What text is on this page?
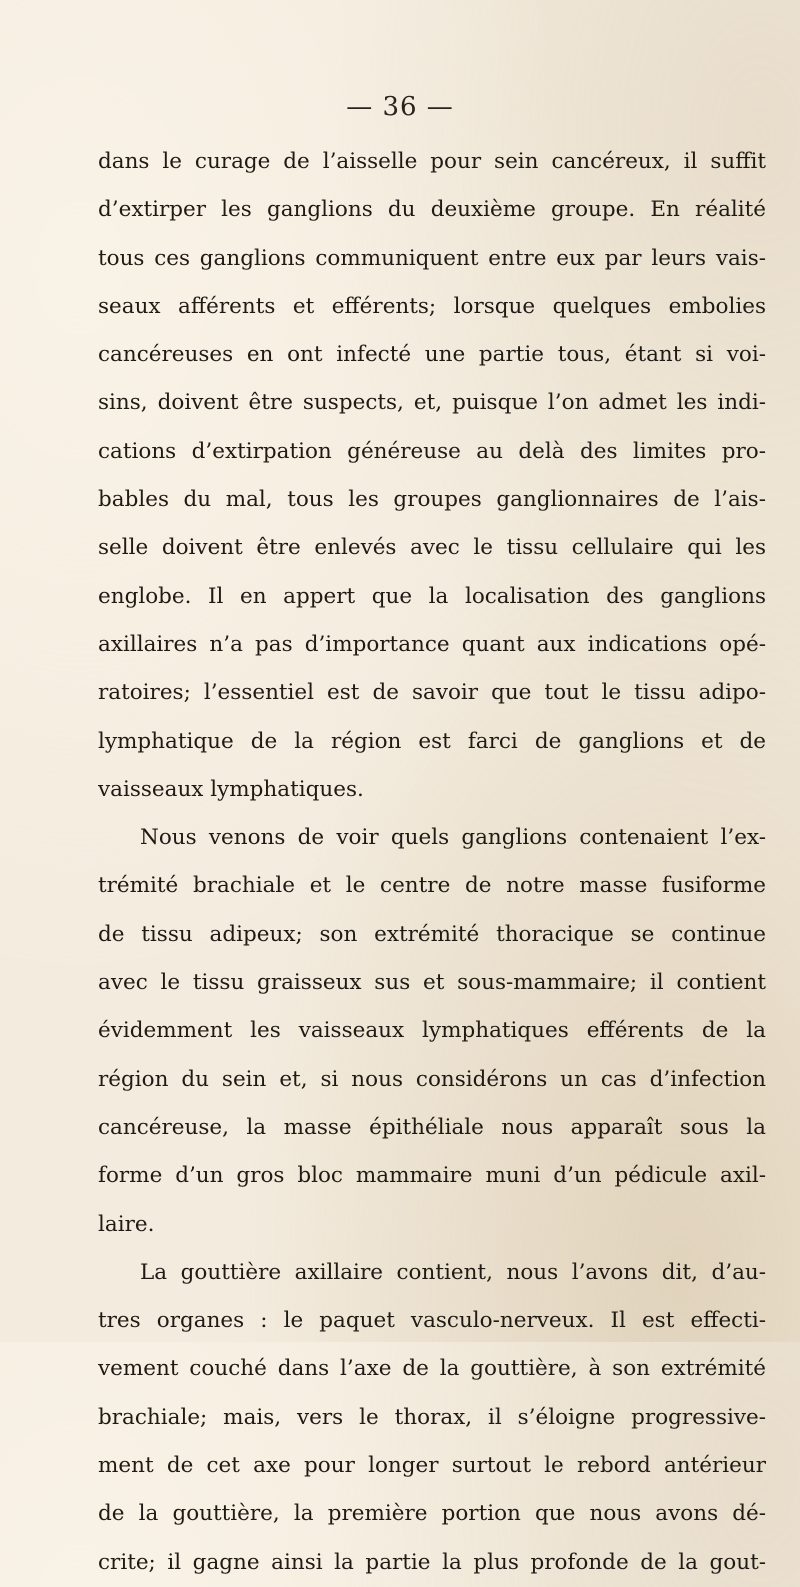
— 36 —
dans le curage de l’aisselle pour sein cancéreux, il suffit
d’extirper les ganglions du deuxième groupe. En réalité
tous ces ganglions communiquent entre eux par leurs vais-
seaux afférents et efférents; lorsque quelques embolies
cancéreuses en ont infecté une partie tous, étant si voi-
sins, doivent être suspects, et, puisque l’on admet les indi-
cations d’extirpation généreuse au delà des limites pro-
bables du mal, tous les groupes ganglionnaires de l’ais-
selle doivent être enlevés avec le tissu cellulaire qui les
englobe. Il en appert que la localisation des ganglions
axillaires n’a pas d’importance quant aux indications opé-
ratoires; l’essentiel est de savoir que tout le tissu adipo-
lymphatique de la région est farci de ganglions et de
vaisseaux lymphatiques.
Nous venons de voir quels ganglions contenaient l’ex-
trémité brachiale et le centre de notre masse fusiforme
de tissu adipeux; son extrémité thoracique se continue
avec le tissu graisseux sus et sous-mammaire; il contient
évidemment les vaisseaux lymphatiques efférents de la
région du sein et, si nous considérons un cas d’infection
cancéreuse, la masse épithéliale nous apparaît sous la
forme d’un gros bloc mammaire muni d’un pédicule axil-
laire.
La gouttière axillaire contient, nous l’avons dit, d’au-
tres organes : le paquet vasculo-nerveux. Il est effecti-
vement couché dans l’axe de la gouttière, à son extrémité
brachiale; mais, vers le thorax, il s’éloigne progressive-
ment de cet axe pour longer surtout le rebord antérieur
de la gouttière, la première portion que nous avons dé-
crite; il gagne ainsi la partie la plus profonde de la gout-
